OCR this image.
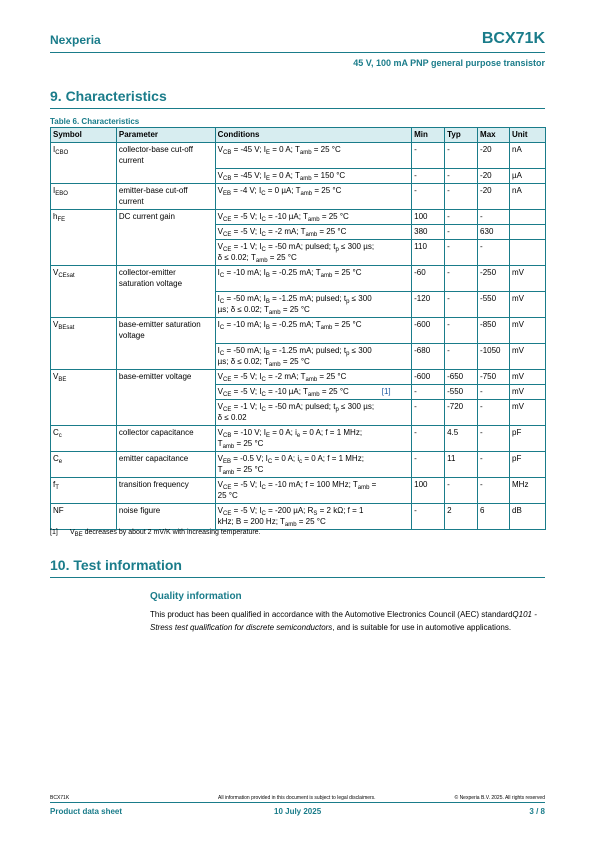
Nexperia	BCX71K
45 V, 100 mA PNP general purpose transistor
9. Characteristics
Table 6. Characteristics
Symbol	Parameter	Conditions		Min	Typ	Max	Unit
$I_{CBO}$	collector-base cut-off current	$V_{CB} = -45$ V; $I_E = 0$ A; $T_{amb} = 25$ °C		-	-	-20	nA
		$V_{CB} = -45$ V; $I_E = 0$ A; $T_{amb} = 150$ °C		-	-	-20	µA
$I_{EBO}$	emitter-base cut-off current	$V_{EB} = -4$ V; $I_C = 0$ µA; $T_{amb} = 25$ °C		-	-	-20	nA
$h_{FE}$	DC current gain	$V_{CE} = -5$ V; $I_C = -10$ µA; $T_{amb} = 25$ °C		100	-	-	
		$V_{CE} = -5$ V; $I_C = -2$ mA; $T_{amb} = 25$ °C		380	-	630	
		$V_{CE} = -1$ V; $I_C = -50$ mA; pulsed; $t_p \le 300$ µs; δ ≤ 0.02; $T_{amb} = 25$ °C		110	-	-	
$V_{CEsat}$	collector-emitter saturation voltage	$I_C = -10$ mA; $I_B = -0.25$ mA; $T_{amb} = 25$ °C		-60	-	-250	mV
		$I_C = -50$ mA; $I_B = -1.25$ mA; pulsed; $t_p \le 300$ µs; δ ≤ 0.02; $T_{amb} = 25$ °C		-120	-	-550	mV
$V_{BEsat}$	base-emitter saturation voltage	$I_C = -10$ mA; $I_B = -0.25$ mA; $T_{amb} = 25$ °C		-600	-	-850	mV
		$I_C = -50$ mA; $I_B = -1.25$ mA; pulsed; $t_p \le 300$ µs; δ ≤ 0.02; $T_{amb} = 25$ °C		-680	-	-1050	mV
$V_{BE}$	base-emitter voltage	$V_{CE} = -5$ V; $I_C = -2$ mA; $T_{amb} = 25$ °C		-600	-650	-750	mV
		$V_{CE} = -5$ V; $I_C = -10$ µA; $T_{amb} = 25$ °C	[1]	-	-550	-	mV
		$V_{CE} = -1$ V; $I_C = -50$ mA; pulsed; $t_p \le 300$ µs; δ ≤ 0.02		-	-720	-	mV
$C_c$	collector capacitance	$V_{CB} = -10$ V; $I_E = 0$ A; $i_e = 0$ A; f = 1 MHz; $T_{amb} = 25$ °C		-	4.5	-	pF
$C_e$	emitter capacitance	$V_{EB} = -0.5$ V; $I_C = 0$ A; $i_c = 0$ A; f = 1 MHz; $T_{amb} = 25$ °C		-	11	-	pF
$f_T$	transition frequency	$V_{CE} = -5$ V; $I_C = -10$ mA; f = 100 MHz; $T_{amb} = 25$ °C		100	-	-	MHz
NF	noise figure	$V_{CE} = -5$ V; $I_C = -200$ µA; $R_S = 2$ kΩ; f = 1 kHz; B = 200 Hz; $T_{amb} = 25$ °C		-	2	6	dB
[1] $V_{BE}$ decreases by about 2 mV/K with increasing temperature.
10. Test information
Quality information
This product has been qualified in accordance with the Automotive Electronics Council (AEC) standardQ101 - Stress test qualification for discrete semiconductors, and is suitable for use in automotive applications.
BCX71K	All information provided in this document is subject to legal disclaimers.	© Nexperia B.V. 2025. All rights reserved
Product data sheet	10 July 2025	3 / 8
